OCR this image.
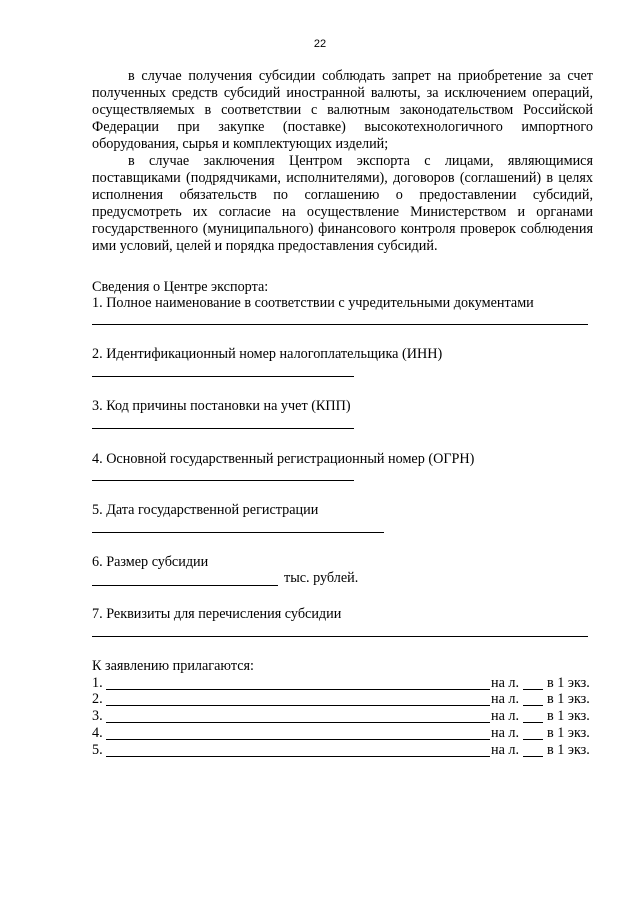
22

в случае получения субсидии соблюдать запрет на приобретение за счет полученных средств субсидий иностранной валюты, за исключением операций, осуществляемых в соответствии с валютным законодательством Российской Федерации при закупке (поставке) высокотехнологичного импортного оборудования, сырья и комплектующих изделий;

в случае заключения Центром экспорта с лицами, являющимися поставщиками (подрядчиками, исполнителями), договоров (соглашений) в целях исполнения обязательств по соглашению о предоставлении субсидий, предусмотреть их согласие на осуществление Министерством и органами государственного (муниципального) финансового контроля проверок соблюдения ими условий, целей и порядка предоставления субсидий.

Сведения о Центре экспорта:
1. Полное наименование в соответствии с учредительными документами
2. Идентификационный номер налогоплательщика (ИНН)
3. Код причины постановки на учет (КПП)
4. Основной государственный регистрационный номер (ОГРН)
5. Дата государственной регистрации
6. Размер субсидии
тыс. рублей.
7. Реквизиты для перечисления субсидии
К заявлению прилагаются:
1.	на л. в 1 экз.
2.	на л. в 1 экз.
3.	на л. в 1 экз.
4.	на л. в 1 экз.
5.	на л. в 1 экз.
